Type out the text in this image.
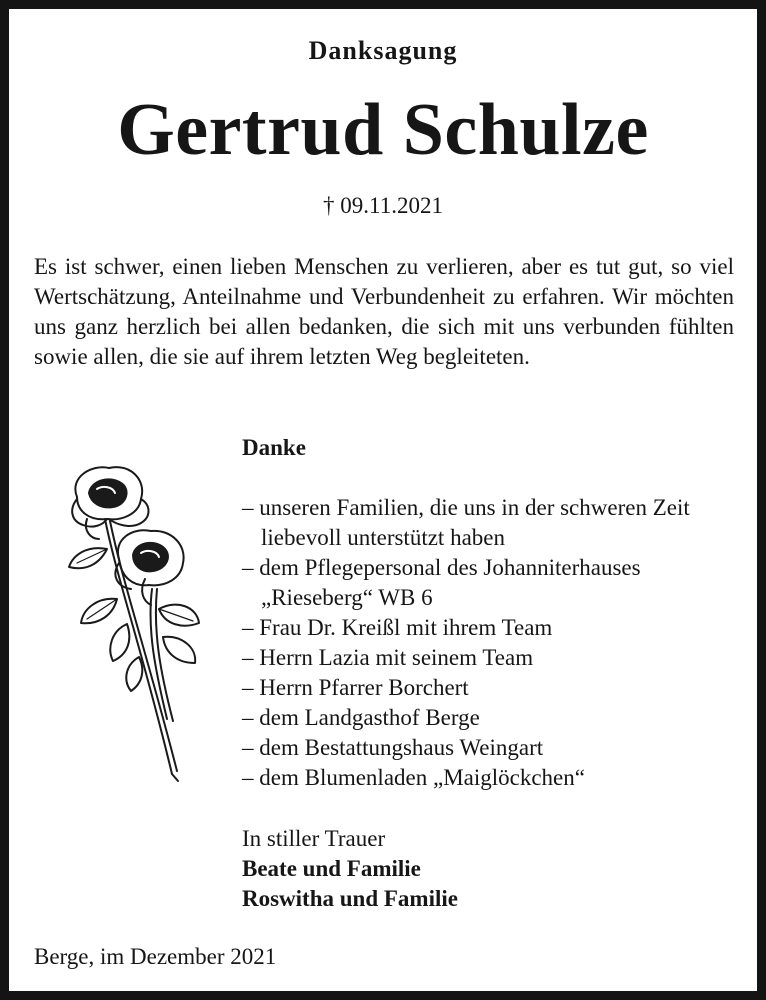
Danksagung
Gertrud Schulze
† 09.11.2021
Es ist schwer, einen lieben Menschen zu verlieren, aber es tut gut, so viel Wertschätzung, Anteilnahme und Verbundenheit zu erfahren. Wir möchten uns ganz herzlich bei allen bedanken, die sich mit uns verbunden fühlten sowie allen, die sie auf ihrem letzten Weg begleiteten.
Danke
– unseren Familien, die uns in der schweren Zeit liebevoll unterstützt haben
– dem Pflegepersonal des Johanniterhauses „Rieseberg“ WB 6
– Frau Dr. Kreißl mit ihrem Team
– Herrn Lazia mit seinem Team
– Herrn Pfarrer Borchert
– dem Landgasthof Berge
– dem Bestattungshaus Weingart
– dem Blumenladen „Maiglöckchen“
In stiller Trauer
Beate und Familie
Roswitha und Familie
Berge, im Dezember 2021
